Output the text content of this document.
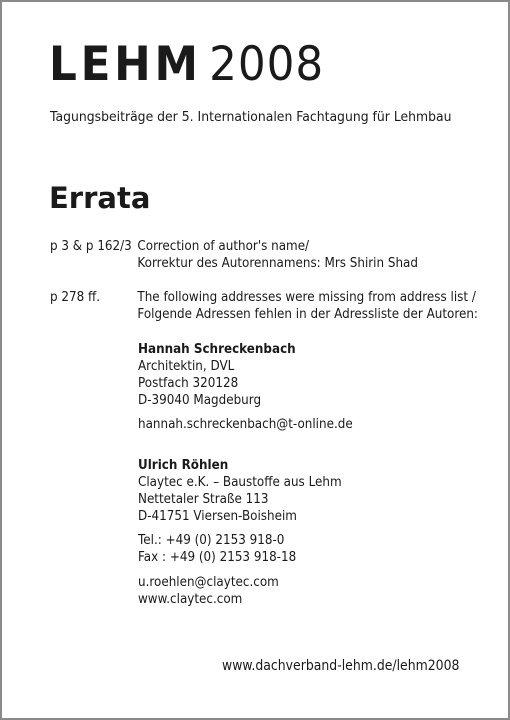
LEHM 2008
Tagungsbeiträge der 5. Internationalen Fachtagung für Lehmbau
Errata
p 3 & p 162/3 Correction of author's name/
Korrektur des Autorennamens: Mrs Shirin Shad
p 278 ff.	The following addresses were missing from address list /
Folgende Adressen fehlen in der Adressliste der Autoren:
Hannah Schreckenbach
Architektin, DVL
Postfach 320128
D-39040 Magdeburg
hannah.schreckenbach@t-online.de
Ulrich Röhlen
Claytec e.K. – Baustoffe aus Lehm
Nettetaler Straße 113
D-41751 Viersen-Boisheim
Tel.: +49 (0) 2153 918-0
Fax : +49 (0) 2153 918-18
u.roehlen@claytec.com
www.claytec.com
www.dachverband-lehm.de/lehm2008
